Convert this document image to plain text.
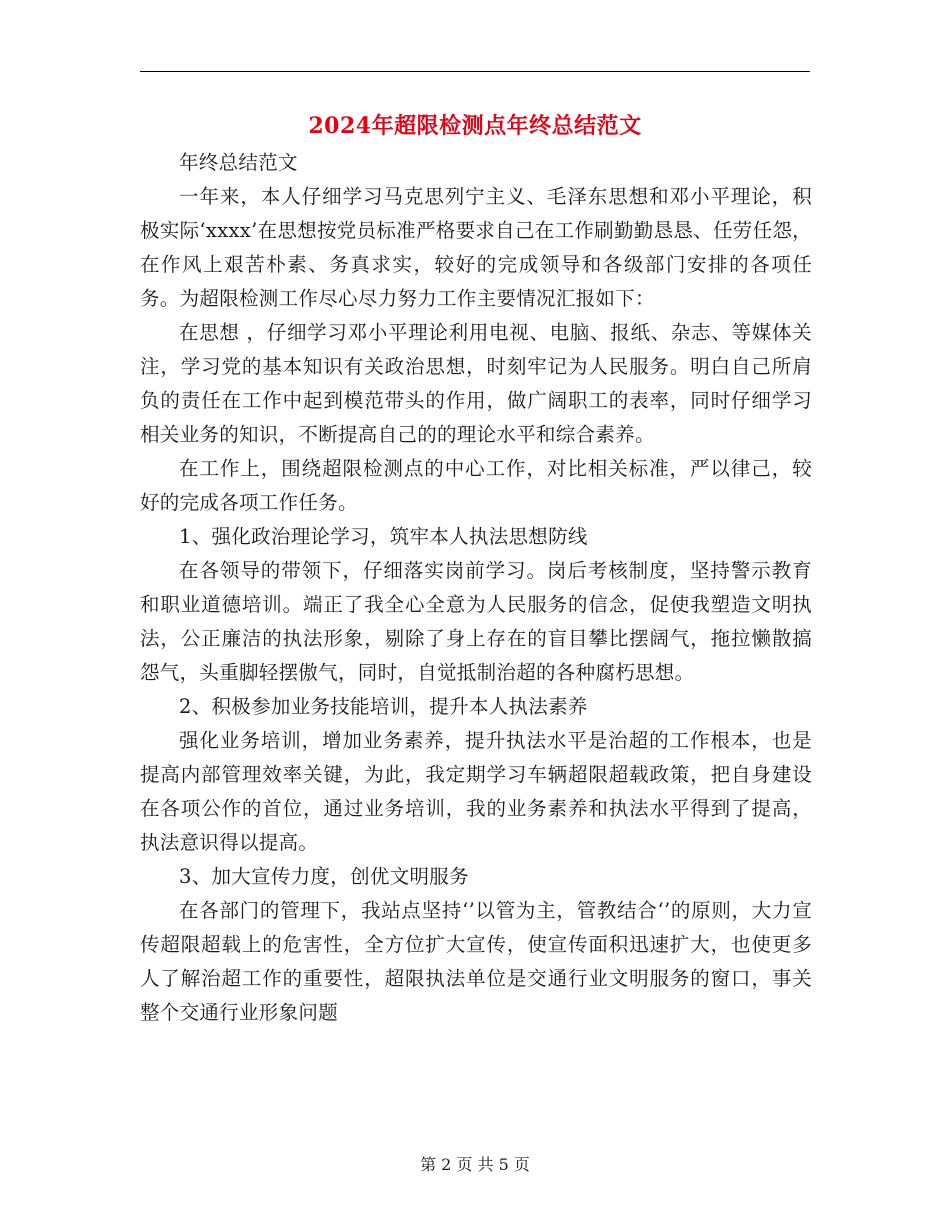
2024年超限检测点年终总结范文

年终总结范文

一年来，本人仔细学习马克思列宁主义、毛泽东思想和邓小平理论，积极实际‘xxxx’在思想按党员标准严格要求自己在工作刷勤勤恳恳、任劳任怨，在作风上艰苦朴素、务真求实，较好的完成领导和各级部门安排的各项任务。为超限检测工作尽心尽力努力工作主要情况汇报如下：

在思想 ，仔细学习邓小平理论利用电视、电脑、报纸、杂志、等媒体关注，学习党的基本知识有关政治思想，时刻牢记为人民服务。明白自己所肩负的责任在工作中起到模范带头的作用，做广阔职工的表率，同时仔细学习相关业务的知识，不断提高自己的的理论水平和综合素养。

在工作上，围绕超限检测点的中心工作，对比相关标准，严以律己，较好的完成各项工作任务。

1、强化政治理论学习，筑牢本人执法思想防线

在各领导的带领下，仔细落实岗前学习。岗后考核制度，坚持警示教育和职业道德培训。端正了我全心全意为人民服务的信念，促使我塑造文明执法，公正廉洁的执法形象，剔除了身上存在的盲目攀比摆阔气，拖拉懒散搞怨气，头重脚轻摆傲气，同时，自觉抵制治超的各种腐朽思想。

2、积极参加业务技能培训，提升本人执法素养

强化业务培训，增加业务素养，提升执法水平是治超的工作根本，也是提高内部管理效率关键，为此，我定期学习车辆超限超载政策，把自身建设在各项公作的首位，通过业务培训，我的业务素养和执法水平得到了提高，执法意识得以提高。

3、加大宣传力度，创优文明服务

在各部门的管理下，我站点坚持‘’以管为主，管教结合‘’的原则，大力宣传超限超载上的危害性，全方位扩大宣传，使宣传面积迅速扩大，也使更多人了解治超工作的重要性，超限执法单位是交通行业文明服务的窗口，事关整个交通行业形象问题

第 2 页 共 5 页
